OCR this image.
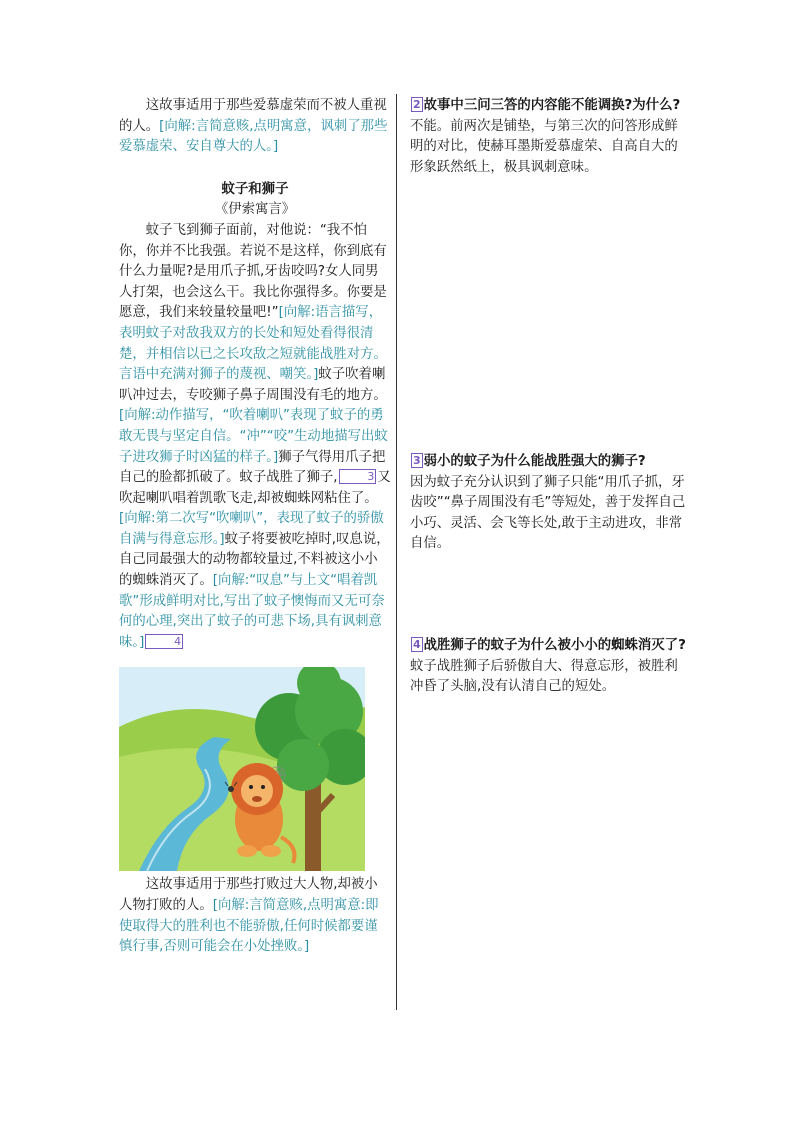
这故事适用于那些爱慕虚荣而不被人重视的人。[向解:言简意赅,点明寓意，讽刺了那些爱慕虚荣、安自尊大的人。]

蚊子和狮子

《伊索寓言》

蚊子飞到狮子面前，对他说：“我不怕你，你并不比我强。若说不是这样，你到底有什么力量呢?是用爪子抓,牙齿咬吗?女人同男人打架，也会这么干。我比你强得多。你要是愿意，我们来较量较量吧!”[向解:语言描写，表明蚊子对敌我双方的长处和短处看得很清楚，并相信以已之长攻敌之短就能战胜对方。言语中充满对狮子的蔑视、嘲笑。]蚊子吹着喇叭冲过去，专咬狮子鼻子周围没有毛的地方。[向解:动作描写，“吹着喇叭”表现了蚊子的勇敢无畏与坚定自信。“冲”“咬”生动地描写出蚊子进攻狮子时凶猛的样子。]狮子气得用爪子把自己的脸都抓破了。蚊子战胜了狮子,	3 又吹起喇叭唱着凯歌飞走,却被蜘蛛网粘住了。[向解:第二次写“吹喇叭”，表现了蚊子的骄傲自满与得意忘形。]蚊子将要被吃掉时,叹息说，自己同最强大的动物都较量过,不料被这小小的蜘蛛消灭了。[向解:“叹息”与上文“唱着凯歌”形成鲜明对比,写出了蚊子懊悔而又无可奈何的心理,突出了蚊子的可悲下场,具有讽刺意味。]	4

这故事适用于那些打败过大人物,却被小人物打败的人。[向解:言简意赅,点明寓意:即使取得大的胜利也不能骄傲,任何时候都要谨慎行事,否则可能会在小处挫败。]

2 故事中三问三答的内容能不能调换?为什么?

不能。前两次是铺垫，与第三次的问答形成鲜明的对比，使赫耳墨斯爱慕虚荣、自高自大的形象跃然纸上，极具讽刺意味。

3 弱小的蚊子为什么能战胜强大的狮子?

因为蚊子充分认识到了狮子只能“用爪子抓，牙齿咬”“鼻子周围没有毛”等短处，善于发挥自己小巧、灵活、会飞等长处,敢于主动进攻，非常自信。

4 战胜狮子的蚊子为什么被小小的蜘蛛消灭了?

蚊子战胜狮子后骄傲自大、得意忘形，被胜利冲昏了头脑,没有认清自己的短处。
